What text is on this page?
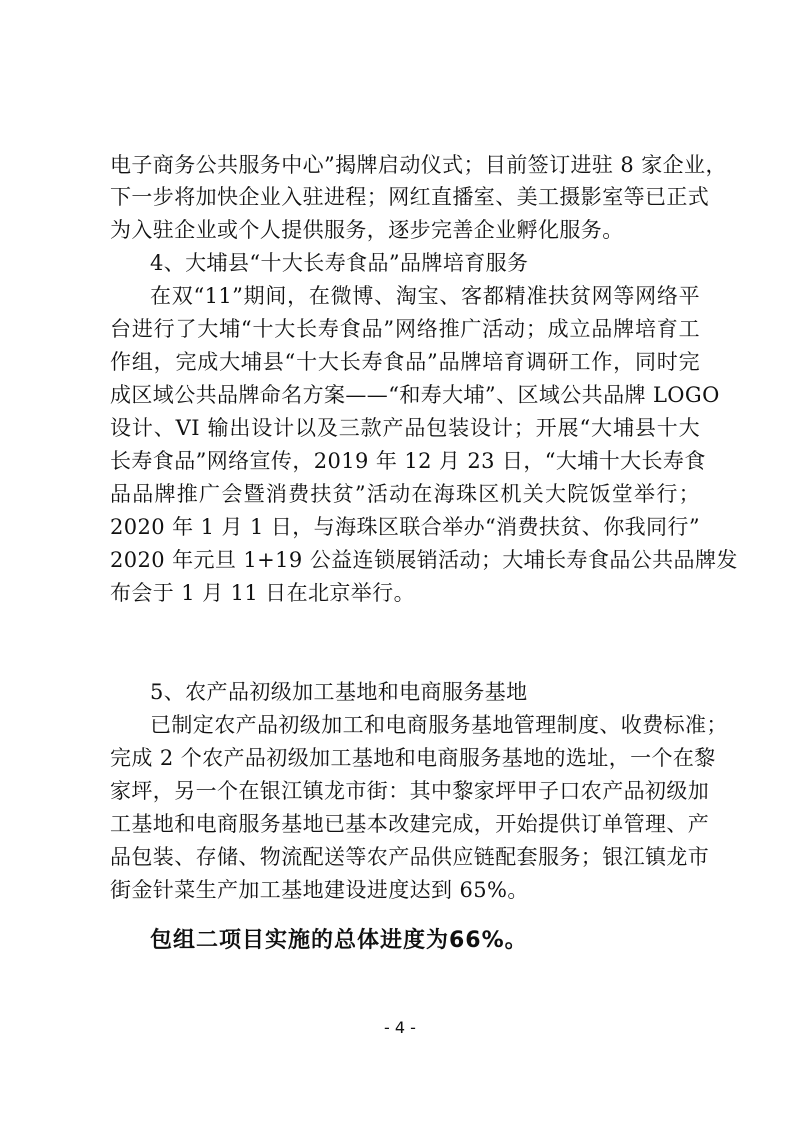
电子商务公共服务中心”揭牌启动仪式；目前签订进驻 8 家企业，
下一步将加快企业入驻进程；网红直播室、美工摄影室等已正式
为入驻企业或个人提供服务，逐步完善企业孵化服务。
4、大埔县“十大长寿食品”品牌培育服务
在双“11”期间，在微博、淘宝、客都精准扶贫网等网络平
台进行了大埔“十大长寿食品”网络推广活动；成立品牌培育工
作组，完成大埔县“十大长寿食品”品牌培育调研工作，同时完
成区域公共品牌命名方案——“和寿大埔”、区域公共品牌 LOGO
设计、VI 输出设计以及三款产品包装设计；开展“大埔县十大
长寿食品”网络宣传，2019 年 12 月 23 日，“大埔十大长寿食
品品牌推广会暨消费扶贫”活动在海珠区机关大院饭堂举行；
2020 年 1 月 1 日，与海珠区联合举办“消费扶贫、你我同行”
2020 年元旦 1+19 公益连锁展销活动；大埔长寿食品公共品牌发
布会于 1 月 11 日在北京举行。
5、农产品初级加工基地和电商服务基地
已制定农产品初级加工和电商服务基地管理制度、收费标准；
完成 2 个农产品初级加工基地和电商服务基地的选址，一个在黎
家坪，另一个在银江镇龙市街：其中黎家坪甲子口农产品初级加
工基地和电商服务基地已基本改建完成，开始提供订单管理、产
品包装、存储、物流配送等农产品供应链配套服务；银江镇龙市
街金针菜生产加工基地建设进度达到 65%。
包组二项目实施的总体进度为66%。
- 4 -
